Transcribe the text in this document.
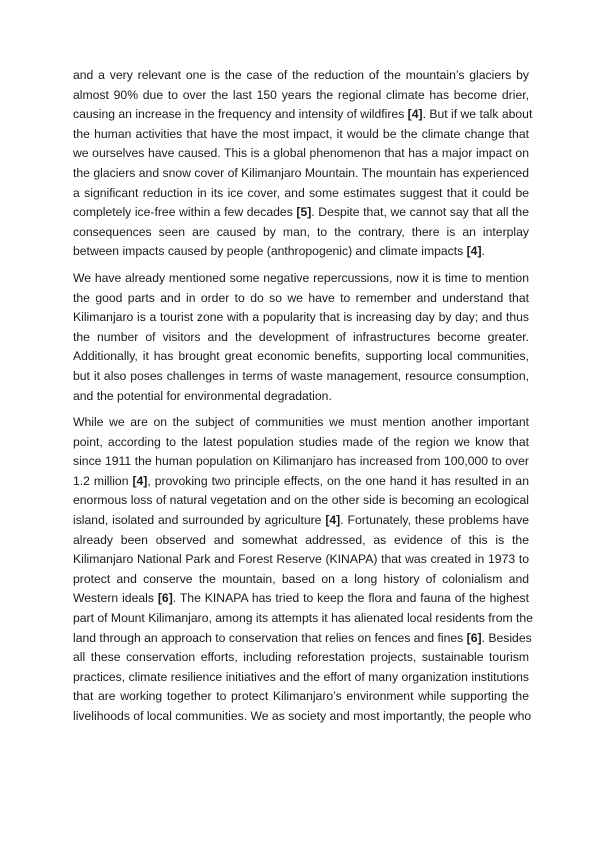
and a very relevant one is the case of the reduction of the mountain’s glaciers by
almost 90% due to over the last 150 years the regional climate has become drier,
causing an increase in the frequency and intensity of wildfires [4]. But if we talk about
the human activities that have the most impact, it would be the climate change that
we ourselves have caused. This is a global phenomenon that has a major impact on
the glaciers and snow cover of Kilimanjaro Mountain. The mountain has experienced
a significant reduction in its ice cover, and some estimates suggest that it could be
completely ice-free within a few decades [5]. Despite that, we cannot say that all the
consequences seen are caused by man, to the contrary, there is an interplay
between impacts caused by people (anthropogenic) and climate impacts [4].
We have already mentioned some negative repercussions, now it is time to mention
the good parts and in order to do so we have to remember and understand that
Kilimanjaro is a tourist zone with a popularity that is increasing day by day; and thus
the number of visitors and the development of infrastructures become greater.
Additionally, it has brought great economic benefits, supporting local communities,
but it also poses challenges in terms of waste management, resource consumption,
and the potential for environmental degradation.
While we are on the subject of communities we must mention another important
point, according to the latest population studies made of the region we know that
since 1911 the human population on Kilimanjaro has increased from 100,000 to over
1.2 million [4], provoking two principle effects, on the one hand it has resulted in an
enormous loss of natural vegetation and on the other side is becoming an ecological
island, isolated and surrounded by agriculture [4]. Fortunately, these problems have
already been observed and somewhat addressed, as evidence of this is the
Kilimanjaro National Park and Forest Reserve (KINAPA) that was created in 1973 to
protect and conserve the mountain, based on a long history of colonialism and
Western ideals [6]. The KINAPA has tried to keep the flora and fauna of the highest
part of Mount Kilimanjaro, among its attempts it has alienated local residents from the
land through an approach to conservation that relies on fences and fines [6]. Besides
all these conservation efforts, including reforestation projects, sustainable tourism
practices, climate resilience initiatives and the effort of many organization institutions
that are working together to protect Kilimanjaro’s environment while supporting the
livelihoods of local communities. We as society and most importantly, the people who
